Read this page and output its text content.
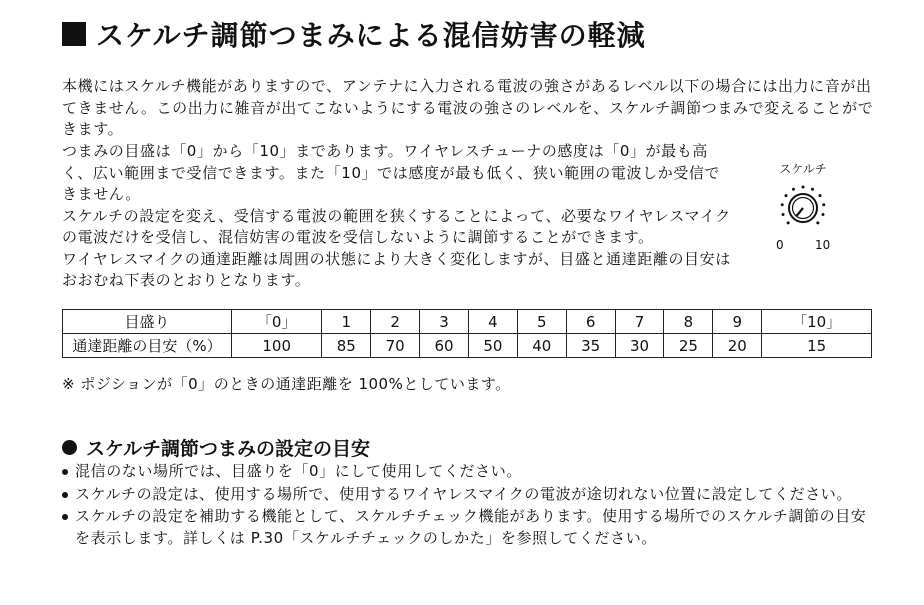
スケルチ調節つまみによる混信妨害の軽減

本機にはスケルチ機能がありますので、アンテナに入力される電波の強さがあるレベル以下の場合には出力に音が出てきません。この出力に雑音が出てこないようにする電波の強さのレベルを、スケルチ調節つまみで変えることができます。

つまみの目盛は「0」から「10」まであります。ワイヤレスチューナの感度は「0」が最も高く、広い範囲まで受信できます。また「10」では感度が最も低く、狭い範囲の電波しか受信できません。

スケルチの設定を変え、受信する電波の範囲を狭くすることによって、必要なワイヤレスマイクの電波だけを受信し、混信妨害の電波を受信しないように調節することができます。

ワイヤレスマイクの通達距離は周囲の状態により大きく変化しますが、目盛と通達距離の目安はおおむね下表のとおりとなります。

スケルチ
0	10
目盛り	「0」	1	2	3	4	5	6	7	8	9	「10」
通達距離の目安（%）	100	85	70	60	50	40	35	30	25	20	15
※ ポジションが「0」のときの通達距離を 100%としています。
スケルチ調節つまみの設定の目安
混信のない場所では、目盛りを「0」にして使用してください。
スケルチの設定は、使用する場所で、使用するワイヤレスマイクの電波が途切れない位置に設定してください。
スケルチの設定を補助する機能として、スケルチチェック機能があります。使用する場所でのスケルチ調節の目安を表示します。詳しくは P.30「スケルチチェックのしかた」を参照してください。
